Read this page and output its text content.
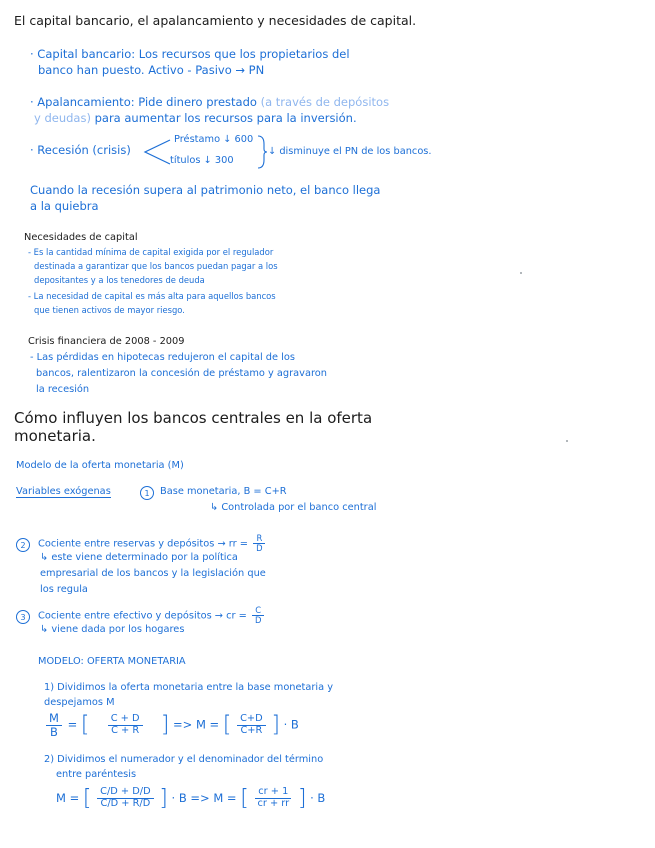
El capital bancario, el apalancamiento y necesidades de capital.
· Capital bancario: Los recursos que los propietarios del
banco han puesto. Activo - Pasivo → PN
· Apalancamiento: Pide dinero prestado (a través de depósitos
y deudas) para aumentar los recursos para la inversión.
· Recesión (crisis)
Préstamo ↓ 600
títulos ↓ 300
↓ disminuye el PN de los bancos.
Cuando la recesión supera al patrimonio neto, el banco llega
a la quiebra
Necesidades de capital
- Es la cantidad mínima de capital exigida por el regulador
destinada a garantizar que los bancos puedan pagar a los
depositantes y a los tenedores de deuda
- La necesidad de capital es más alta para aquellos bancos
que tienen activos de mayor riesgo.
Crisis financiera de 2008 - 2009
- Las pérdidas en hipotecas redujeron el capital de los
bancos, ralentizaron la concesión de préstamo y agravaron
la recesión
Cómo influyen los bancos centrales en la oferta
monetaria.
Modelo de la oferta monetaria (M)
Variables exógenas	1	Base monetaria, B = C+R
↳ Controlada por el banco central
2	Cociente entre reservas y depósitos → rr = $\frac{R}{D}$
↳ este viene determinado por la política
empresarial de los bancos y la legislación que
los regula
3	Cociente entre efectivo y depósitos → cr = $\frac{C}{D}$
↳ viene dada por los hogares
MODELO: OFERTA MONETARIA
1) Dividimos la oferta monetaria entre la base monetaria y
despejamos M
$\frac{M}{B}$ = [ $\frac{C + D}{C + R}$ ] => M = [ $\frac{C+D}{C+R}$ ] · B
2) Dividimos el numerador y el denominador del término
entre paréntesis
M = [ $\frac{C/D + D/D}{C/D + R/D}$ ] · B => M = [ $\frac{cr + 1}{cr + rr}$ ] · B
